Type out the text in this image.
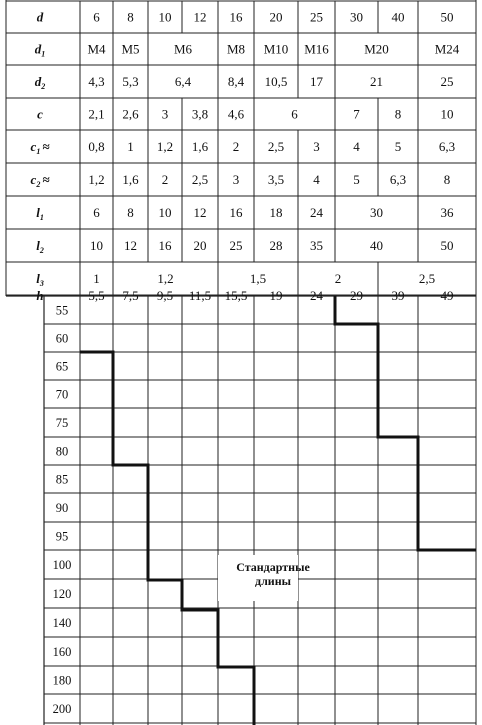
d	6 8 10 12 16 20 25 30 40	50
$d_1$	M4 M5	M6	M8 M10 M16	M20	M24
$d_2$	4,3 5,3	6,4	8,4 10,5 17	21	25
c	2,1 2,6 3 3,8 4,6	6	7	8	10
$c_1$ ≈	0,8 1 1,2 1,6 2 2,5 3	4	5	6,3
$c_2$ ≈	1,2 1,6 2 2,5 3 3,5 4	5 6,3	8
$l_1$	6 8 10 12 16 18 24	30	36
$l_2$	10 12 16 20 25 28 35	40	50
$l_3$	1	1,2	1,5	2	2,5
h	5,5 7,5 9,5 11,5 15,5 19 24 29 39	49
55
60
65
70
75
80
85
90
95
100
120
140
160
180
200
Стандартные
длины
